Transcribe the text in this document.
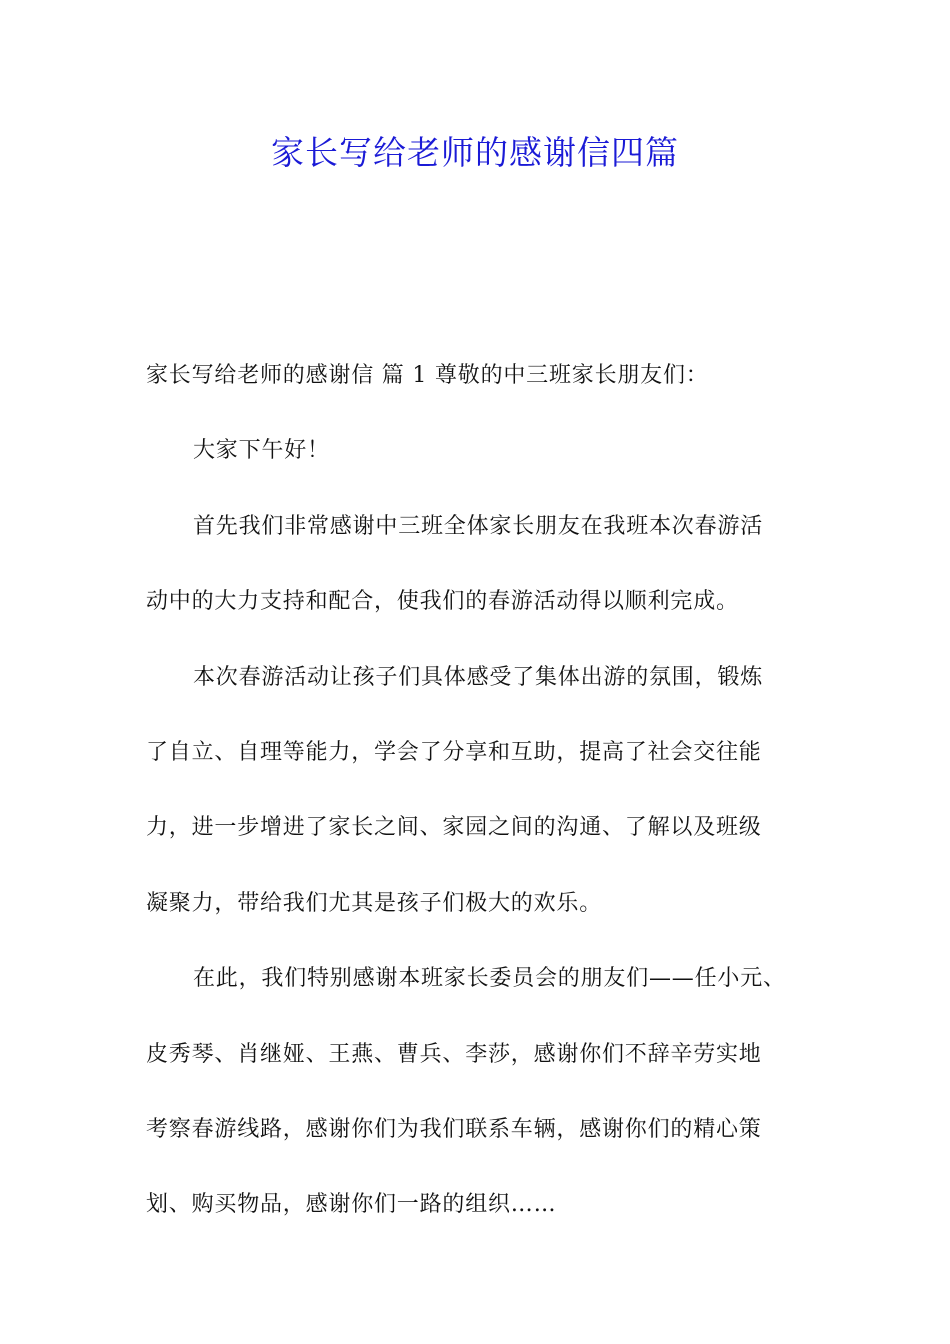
家长写给老师的感谢信四篇
家长写给老师的感谢信 篇 1 尊敬的中三班家长朋友们：
大家下午好！
首先我们非常感谢中三班全体家长朋友在我班本次春游活
动中的大力支持和配合，使我们的春游活动得以顺利完成。
本次春游活动让孩子们具体感受了集体出游的氛围，锻炼
了自立、自理等能力，学会了分享和互助，提高了社会交往能
力，进一步增进了家长之间、家园之间的沟通、了解以及班级
凝聚力，带给我们尤其是孩子们极大的欢乐。
在此，我们特别感谢本班家长委员会的朋友们——任小元、
皮秀琴、肖继娅、王燕、曹兵、李莎，感谢你们不辞辛劳实地
考察春游线路，感谢你们为我们联系车辆，感谢你们的精心策
划、购买物品，感谢你们一路的组织……
